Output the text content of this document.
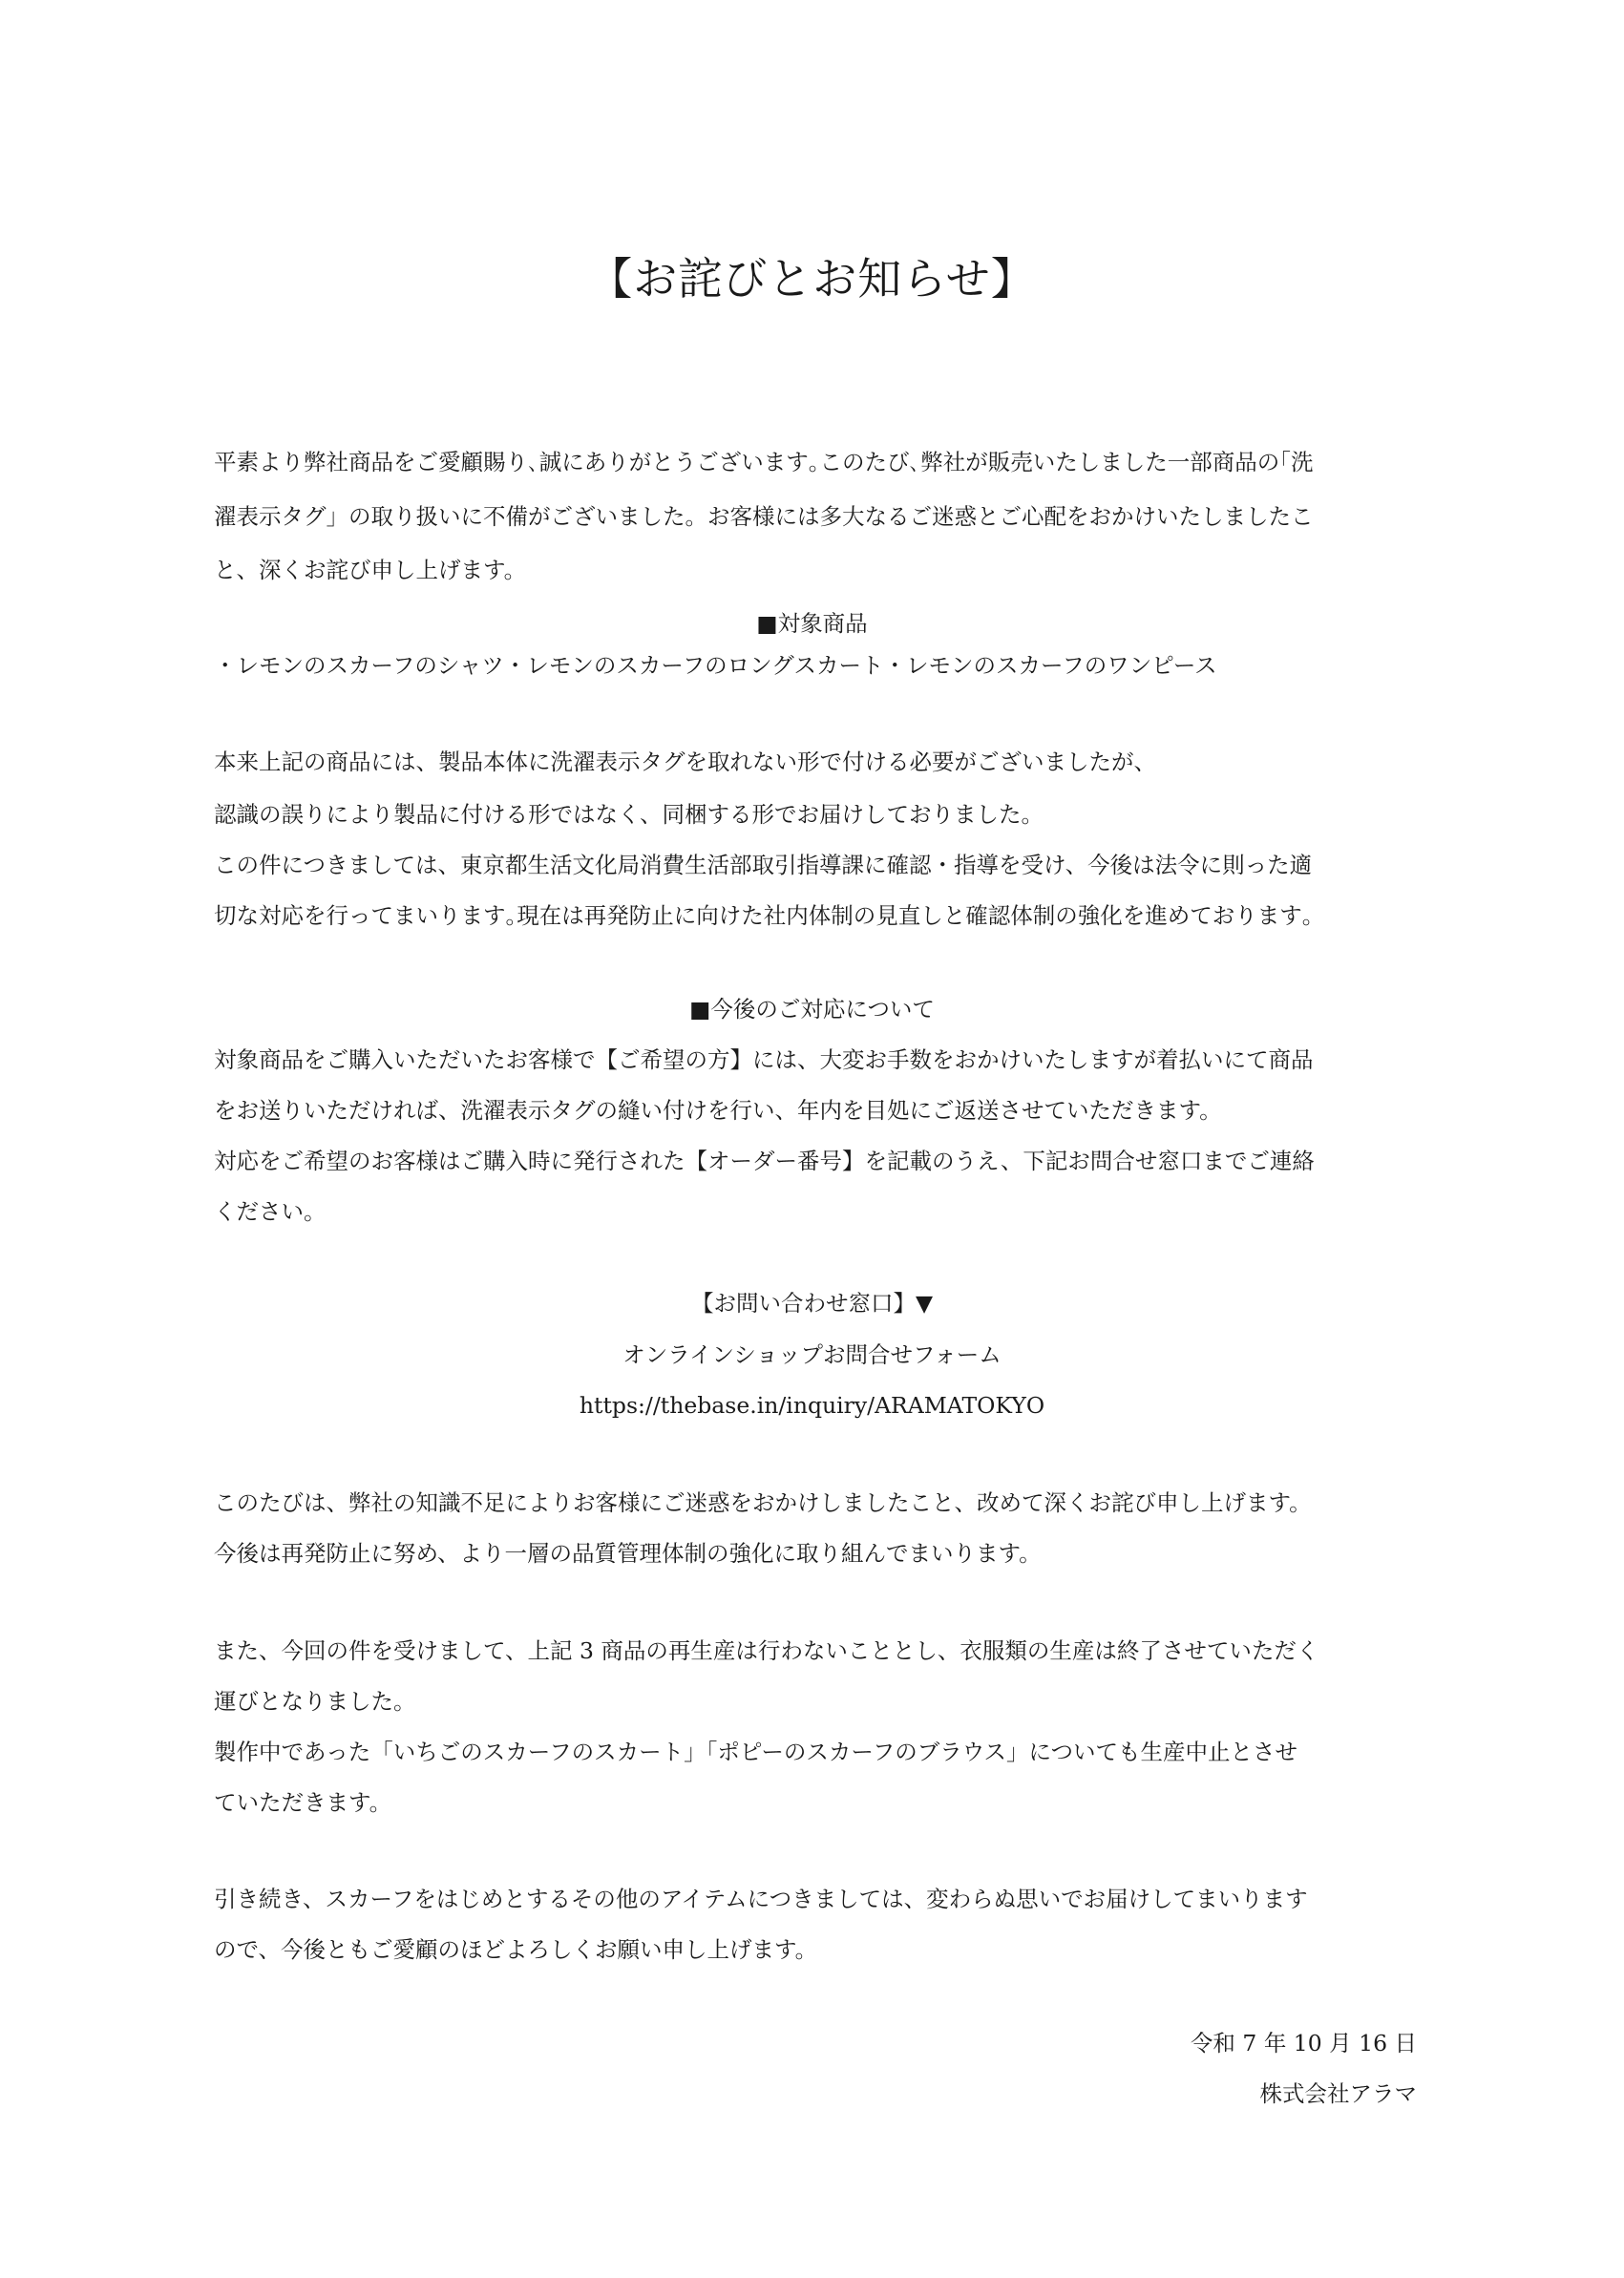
【お詫びとお知らせ】
平素より弊社商品をご愛顧賜り､誠にありがとうございます｡このたび､弊社が販売いたしました一部商品の｢洗
濯表示タグ」の取り扱いに不備がございました。お客様には多大なるご迷惑とご心配をおかけいたしましたこ
と、深くお詫び申し上げます。
■対象商品
・レモンのスカーフのシャツ・レモンのスカーフのロングスカート・レモンのスカーフのワンピース
本来上記の商品には、製品本体に洗濯表示タグを取れない形で付ける必要がございましたが、
認識の誤りにより製品に付ける形ではなく、同梱する形でお届けしておりました。
この件につきましては、東京都生活文化局消費生活部取引指導課に確認・指導を受け、今後は法令に則った適
切な対応を行ってまいります｡現在は再発防止に向けた社内体制の見直しと確認体制の強化を進めております｡
■今後のご対応について
対象商品をご購入いただいたお客様で【ご希望の方】には、大変お手数をおかけいたしますが着払いにて商品
をお送りいただければ、洗濯表示タグの縫い付けを行い、年内を目処にご返送させていただきます。
対応をご希望のお客様はご購入時に発行された【オーダー番号】を記載のうえ、下記お問合せ窓口までご連絡
ください。
【お問い合わせ窓口】▼
オンラインショップお問合せフォーム
https://thebase.in/inquiry/ARAMATOKYO
このたびは、弊社の知識不足によりお客様にご迷惑をおかけしましたこと、改めて深くお詫び申し上げます。
今後は再発防止に努め、より一層の品質管理体制の強化に取り組んでまいります。
また、今回の件を受けまして、上記 3 商品の再生産は行わないこととし、衣服類の生産は終了させていただく
運びとなりました。
製作中であった「いちごのスカーフのスカート」「ポピーのスカーフのブラウス」についても生産中止とさせ
ていただきます。
引き続き、スカーフをはじめとするその他のアイテムにつきましては、変わらぬ思いでお届けしてまいります
ので、今後ともご愛顧のほどよろしくお願い申し上げます。
令和 7 年 10 月 16 日
株式会社アラマ
